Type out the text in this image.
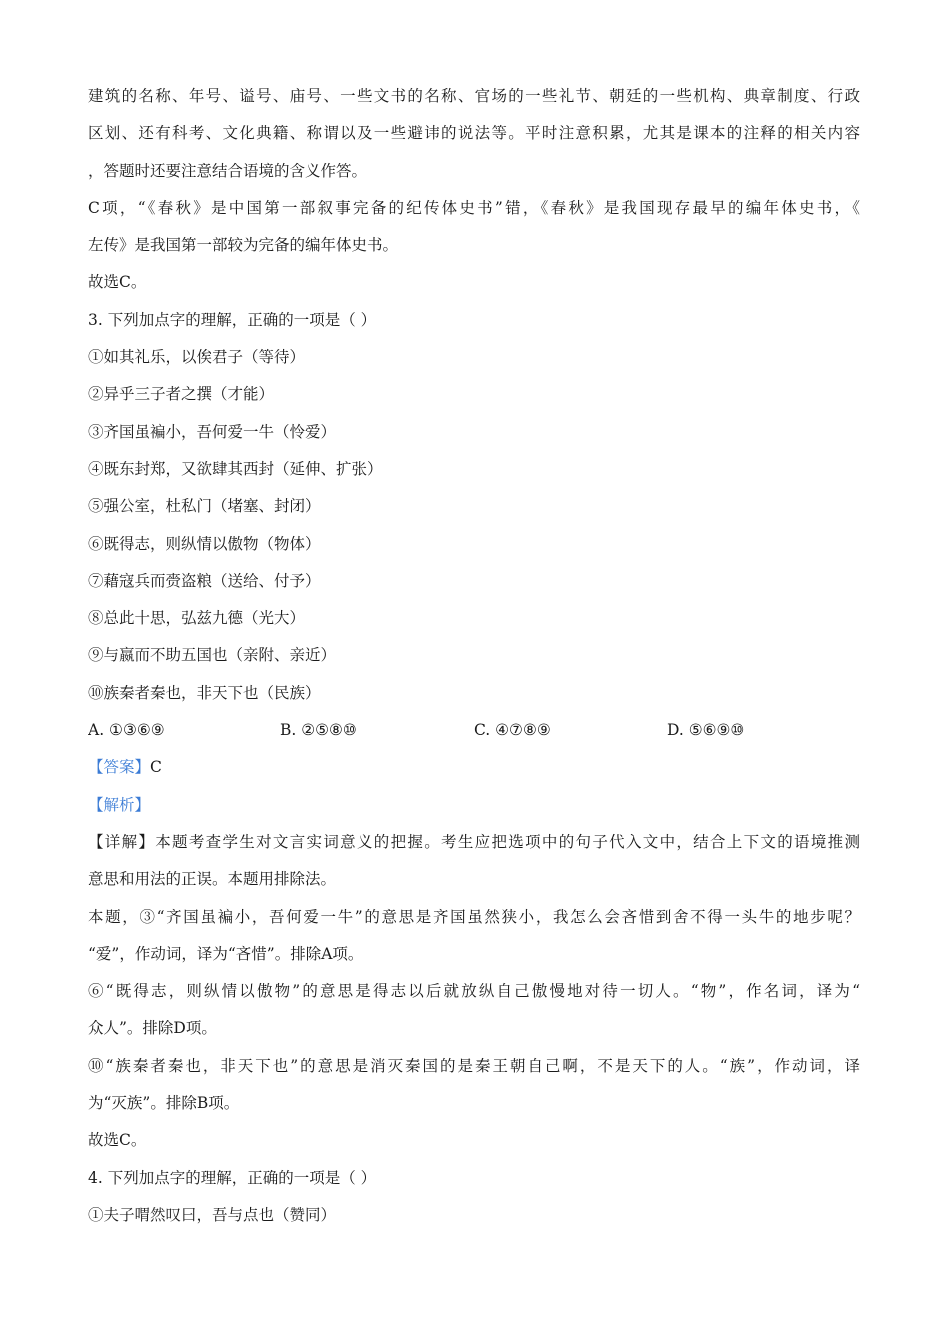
建筑的名称、年号、谥号、庙号、一些文书的名称、官场的一些礼节、朝廷的一些机构、典章制度、行政
区划、还有科考、文化典籍、称谓以及一些避讳的说法等。平时注意积累，尤其是课本的注释的相关内容
，答题时还要注意结合语境的含义作答。
C项，“《春秋》是中国第一部叙事完备的纪传体史书”错，《春秋》是我国现存最早的编年体史书，《
左传》是我国第一部较为完备的编年体史书。
故选C。
3. 下列加点字的理解，正确的一项是（ ）
①如其礼乐，以俟君子（等待）
②异乎三子者之撰（才能）
③齐国虽褊小，吾何爱一牛（怜爱）
④既东封郑，又欲肆其西封（延伸、扩张）
⑤强公室，杜私门（堵塞、封闭）
⑥既得志，则纵情以傲物（物体）
⑦藉寇兵而赍盗粮（送给、付予）
⑧总此十思，弘兹九德（光大）
⑨与嬴而不助五国也（亲附、亲近）
⑩族秦者秦也，非天下也（民族）
A. ①③⑥⑨	B. ②⑤⑧⑩	C. ④⑦⑧⑨	D. ⑤⑥⑨⑩
【答案】C
【解析】
【详解】本题考查学生对文言实词意义的把握。考生应把选项中的句子代入文中，结合上下文的语境推测
意思和用法的正误。本题用排除法。
本题，③“齐国虽褊小，吾何爱一牛”的意思是齐国虽然狭小，我怎么会吝惜到舍不得一头牛的地步呢？
“爱”，作动词，译为“吝惜”。排除A项。
⑥“既得志，则纵情以傲物”的意思是得志以后就放纵自己傲慢地对待一切人。“物”，作名词，译为“
众人”。排除D项。
⑩“族秦者秦也，非天下也”的意思是消灭秦国的是秦王朝自己啊，不是天下的人。“族”，作动词，译
为“灭族”。排除B项。
故选C。
4. 下列加点字的理解，正确的一项是（ ）
①夫子喟然叹曰，吾与点也（赞同）
